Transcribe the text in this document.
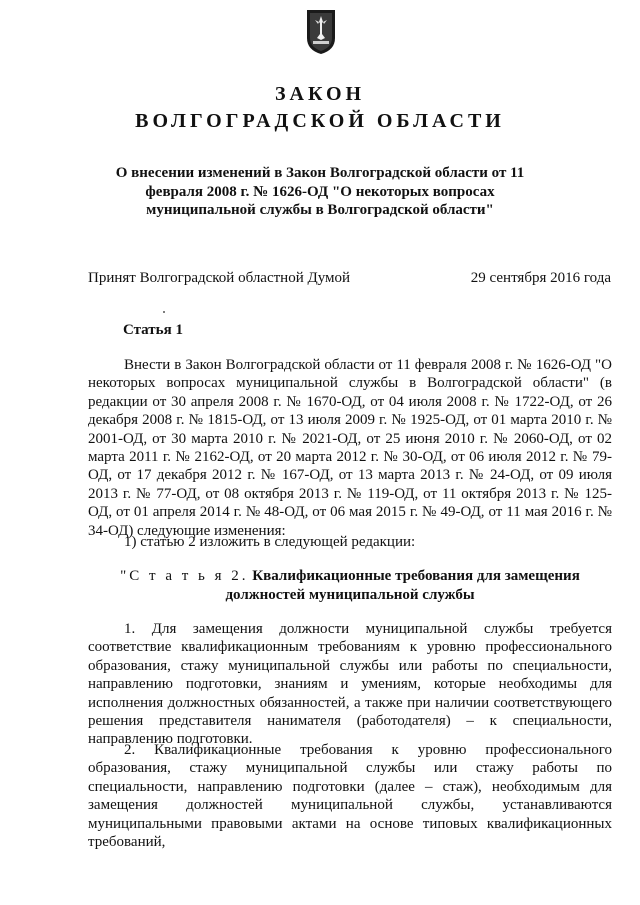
ЗАКОН
ВОЛГОГРАДСКОЙ ОБЛАСТИ
О внесении изменений в Закон Волгоградской области от 11 февраля 2008 г. № 1626-ОД "О некоторых вопросах муниципальной службы в Волгоградской области"
Принят Волгоградской областной Думой	29 сентября 2016 года
Статья 1
Внести в Закон Волгоградской области от 11 февраля 2008 г. № 1626-ОД "О некоторых вопросах муниципальной службы в Волгоградской области" (в редакции от 30 апреля 2008 г. № 1670-ОД, от 04 июля 2008 г. № 1722-ОД, от 26 декабря 2008 г. № 1815-ОД, от 13 июля 2009 г. № 1925-ОД, от 01 марта 2010 г. № 2001-ОД, от 30 марта 2010 г. № 2021-ОД, от 25 июня 2010 г. № 2060-ОД, от 02 марта 2011 г. № 2162-ОД, от 20 марта 2012 г. № 30-ОД, от 06 июля 2012 г. № 79-ОД, от 17 декабря 2012 г. № 167-ОД, от 13 марта 2013 г. № 24-ОД, от 09 июля 2013 г. № 77-ОД, от 08 октября 2013 г. № 119-ОД, от 11 октября 2013 г. № 125-ОД, от 01 апреля 2014 г. № 48-ОД, от 06 мая 2015 г. № 49-ОД, от 11 мая 2016 г. № 34-ОД) следующие изменения:
1) статью 2 изложить в следующей редакции:
"С т а т ь я 2. Квалификационные требования для замещения должностей муниципальной службы
1. Для замещения должности муниципальной службы требуется соответствие квалификационным требованиям к уровню профессионального образования, стажу муниципальной службы или работы по специальности, направлению подготовки, знаниям и умениям, которые необходимы для исполнения должностных обязанностей, а также при наличии соответствующего решения представителя нанимателя (работодателя) – к специальности, направлению подготовки.
2. Квалификационные требования к уровню профессионального образования, стажу муниципальной службы или стажу работы по специальности, направлению подготовки (далее – стаж), необходимым для замещения должностей муниципальной службы, устанавливаются муниципальными правовыми актами на основе типовых квалификационных требований,
